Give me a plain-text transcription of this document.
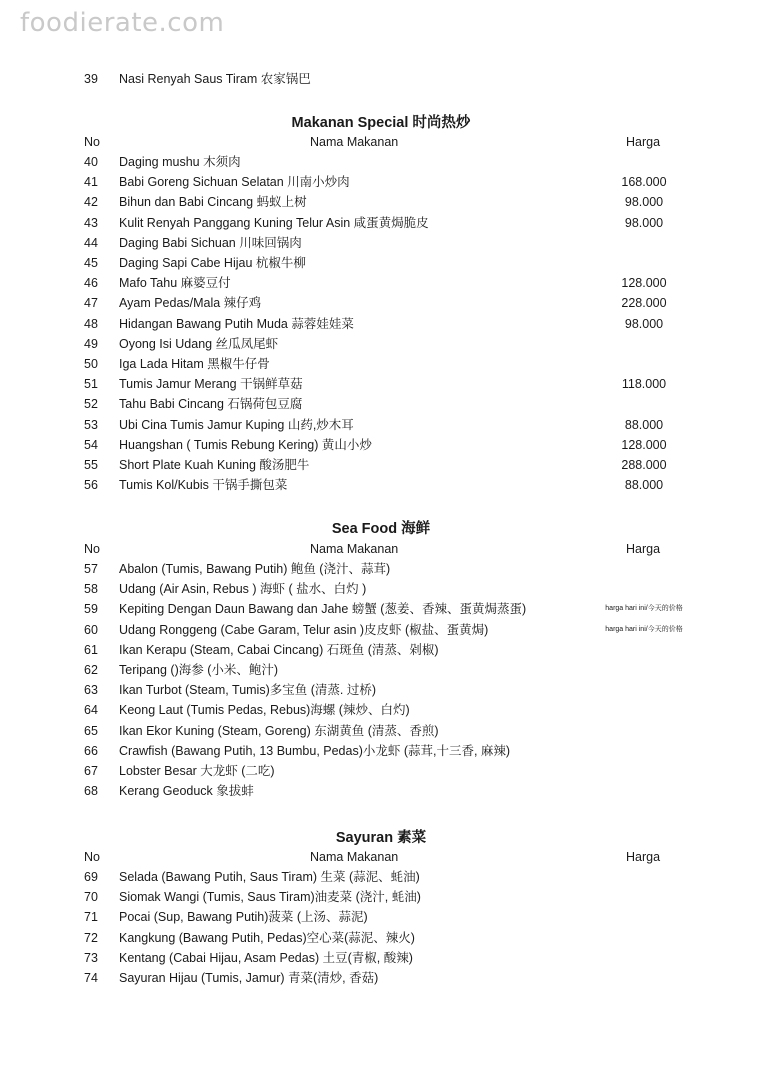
foodierate.com
39	Nasi Renyah Saus Tiram 农家锅巴
Makanan Special 时尚热炒
No	Nama Makanan	Harga
40	Daging mushu 木须肉
41	Babi Goreng Sichuan Selatan 川南小炒肉	168.000
42	Bihun dan Babi Cincang 蚂蚁上树	98.000
43	Kulit Renyah Panggang Kuning Telur Asin 咸蛋黄焗脆皮	98.000
44	Daging Babi Sichuan 川味回锅肉
45	Daging Sapi Cabe Hijau 杭椒牛柳
46	Mafo Tahu 麻婆豆付	128.000
47	Ayam Pedas/Mala 辣仔鸡	228.000
48	Hidangan Bawang Putih Muda 蒜蓉娃娃菜	98.000
49	Oyong Isi Udang 丝瓜凤尾虾
50	Iga Lada Hitam 黑椒牛仔骨
51	Tumis Jamur Merang 干锅鲜草菇	118.000
52	Tahu Babi Cincang 石锅荷包豆腐
53	Ubi Cina Tumis Jamur Kuping 山药,炒木耳	88.000
54	Huangshan ( Tumis Rebung Kering) 黄山小炒	128.000
55	Short Plate Kuah Kuning 酸汤肥牛	288.000
56	Tumis Kol/Kubis 干锅手撕包菜	88.000
Sea Food 海鲜
No	Nama Makanan	Harga
57	Abalon (Tumis, Bawang Putih) 鲍鱼 (浇汁、蒜茸)
58	Udang (Air Asin, Rebus ) 海虾 ( 盐水、白灼 )
59	Kepiting Dengan Daun Bawang dan Jahe 螃蟹 (葱姜、香辣、蛋黄焗蒸蛋)	harga hari ini/今天的价格
60	Udang Ronggeng (Cabe Garam, Telur asin )皮皮虾 (椒盐、蛋黄焗)	harga hari ini/今天的价格
61	Ikan Kerapu (Steam, Cabai Cincang) 石斑鱼 (清蒸、剁椒)
62	Teripang ()海参 (小米、鲍汁)
63	Ikan Turbot (Steam, Tumis)多宝鱼 (清蒸. 过桥)
64	Keong Laut (Tumis Pedas, Rebus)海螺 (辣炒、白灼)
65	Ikan Ekor Kuning (Steam, Goreng) 东湖黄鱼 (清蒸、香煎)
66	Crawfish (Bawang Putih, 13 Bumbu, Pedas)小龙虾 (蒜茸,十三香, 麻辣)
67	Lobster Besar 大龙虾 (二吃)
68	Kerang Geoduck 象拔蚌
Sayuran 素菜
No	Nama Makanan	Harga
69	Selada (Bawang Putih, Saus Tiram) 生菜 (蒜泥、蚝油)
70	Siomak Wangi (Tumis, Saus Tiram)油麦菜 (浇汁, 蚝油)
71	Pocai (Sup, Bawang Putih)菠菜 (上汤、蒜泥)
72	Kangkung (Bawang Putih, Pedas)空心菜(蒜泥、辣火)
73	Kentang (Cabai Hijau, Asam Pedas) 土豆(青椒, 酸辣)
74	Sayuran Hijau (Tumis, Jamur) 青菜(清炒, 香菇)
